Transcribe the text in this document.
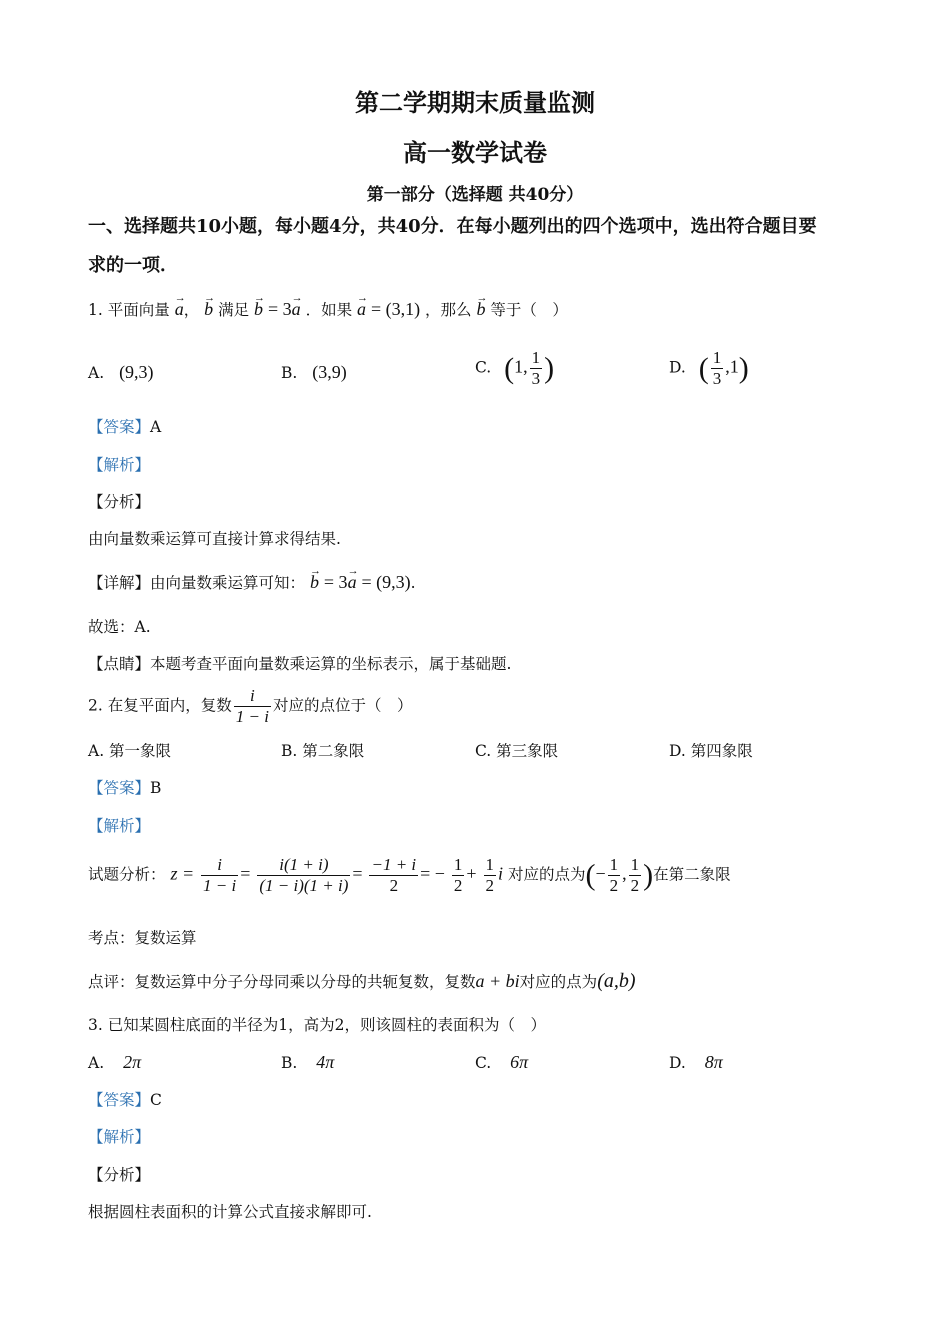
第二学期期末质量监测
高一数学试卷
第一部分（选择题 共40分）
一、选择题共10小题，每小题4分，共40分．在每小题列出的四个选项中，选出符合题目要
求的一项．
1. 平面向量 → a， → b 满足 → b = 3→ a ．如果 → a = (3,1) ，那么 → b 等于（　）
A. (9,3)	B. (3,9)	C. (1, $\frac{1}{3}$ )	D. ( $\frac{1}{3} ,1$)
【答案】A
【解析】
【分析】
由向量数乘运算可直接计算求得结果.
【详解】由向量数乘运算可知： → b = 3→ a = (9,3).
故选：A.
【点睛】本题考查平面向量数乘运算的坐标表示，属于基础题.
2. 在复平面内，复数 $\frac{i}{1 - i}$ 对应的点位于（　）
A. 第一象限	B. 第二象限	C. 第三象限	D. 第四象限
【答案】B
【解析】
试题分析： $z = \frac{i}{1 - i} = \frac{i(1 + i)}{(1 - i)(1 + i)} = \frac{-1 + i}{2}$ = − $\frac{1}{2} + \frac{1}{2}$ i 对应的点为(− $\frac{1}{2}$ , $\frac{1}{2}$ )在第二象限
考点：复数运算
点评：复数运算中分子分母同乘以分母的共轭复数，复数a + bi对应的点为(a,b)
3. 已知某圆柱底面的半径为1，高为2，则该圆柱的表面积为（　）
A. 2π	B. 4π	C. 6π	D. 8π
【答案】C
【解析】
【分析】
根据圆柱表面积的计算公式直接求解即可.
